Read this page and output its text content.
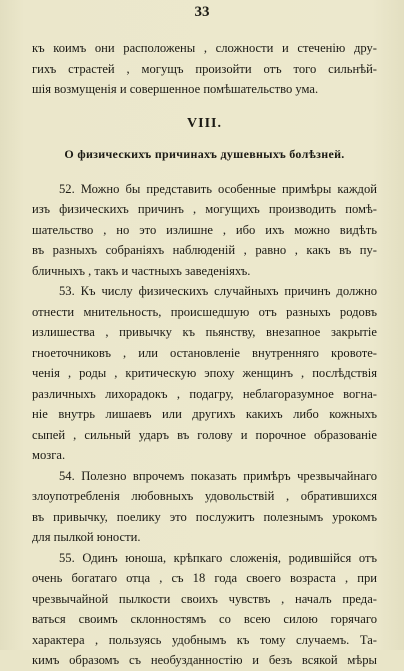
33
къ коимъ они расположены , сложности и стеченію дру-
гихъ страстей , могущъ произойти отъ того сильнѣй-
шія возмущенія и совершенное помѣшательство ума.
VIII.
О физическихъ причинахъ душевныхъ болѣзней.
52. Можно бы представить особенные примѣры каждой
изъ физическихъ причинъ , могущихъ производить помѣ-
шательство , но это излишне , ибо ихъ можно видѣть
въ разныхъ собраніяхъ наблюденій , равно , какъ въ пу-
бличныхъ , такъ и частныхъ заведеніяхъ.
53. Къ числу физическихъ случайныхъ причинъ должно
отнести мнительность, происшедшую отъ разныхъ родовъ
излишества , привычку къ пьянству, внезапное закрытіе
гноеточниковъ , или остановленіе внутренняго кровоте-
ченія , роды , критическую эпоху женщинъ , послѣдствія
различныхъ лихорадокъ , подагру, неблагоразумное вогна-
ніе внутрь лишаевъ или другихъ какихъ либо кожныхъ
сыпей , сильный ударъ въ голову и порочное образованіе
мозга.
54. Полезно впрочемъ показать примѣръ чрезвычайнаго
злоупотребленія любовныхъ удовольствій , обратившихся
въ привычку, поелику это послужитъ полезнымъ урокомъ
для пылкой юности.
55. Одинъ юноша, крѣпкаго сложенія, родившійся отъ
очень богатаго отца , съ 18 года своего возраста , при
чрезвычайной пылкости своихъ чувствъ , началъ преда-
ваться своимъ склонностямъ со всею силою горячаго
характера , пользуясь удобнымъ къ тому случаемъ. Та-
кимъ образомъ съ необузданностію и безъ всякой мѣры
